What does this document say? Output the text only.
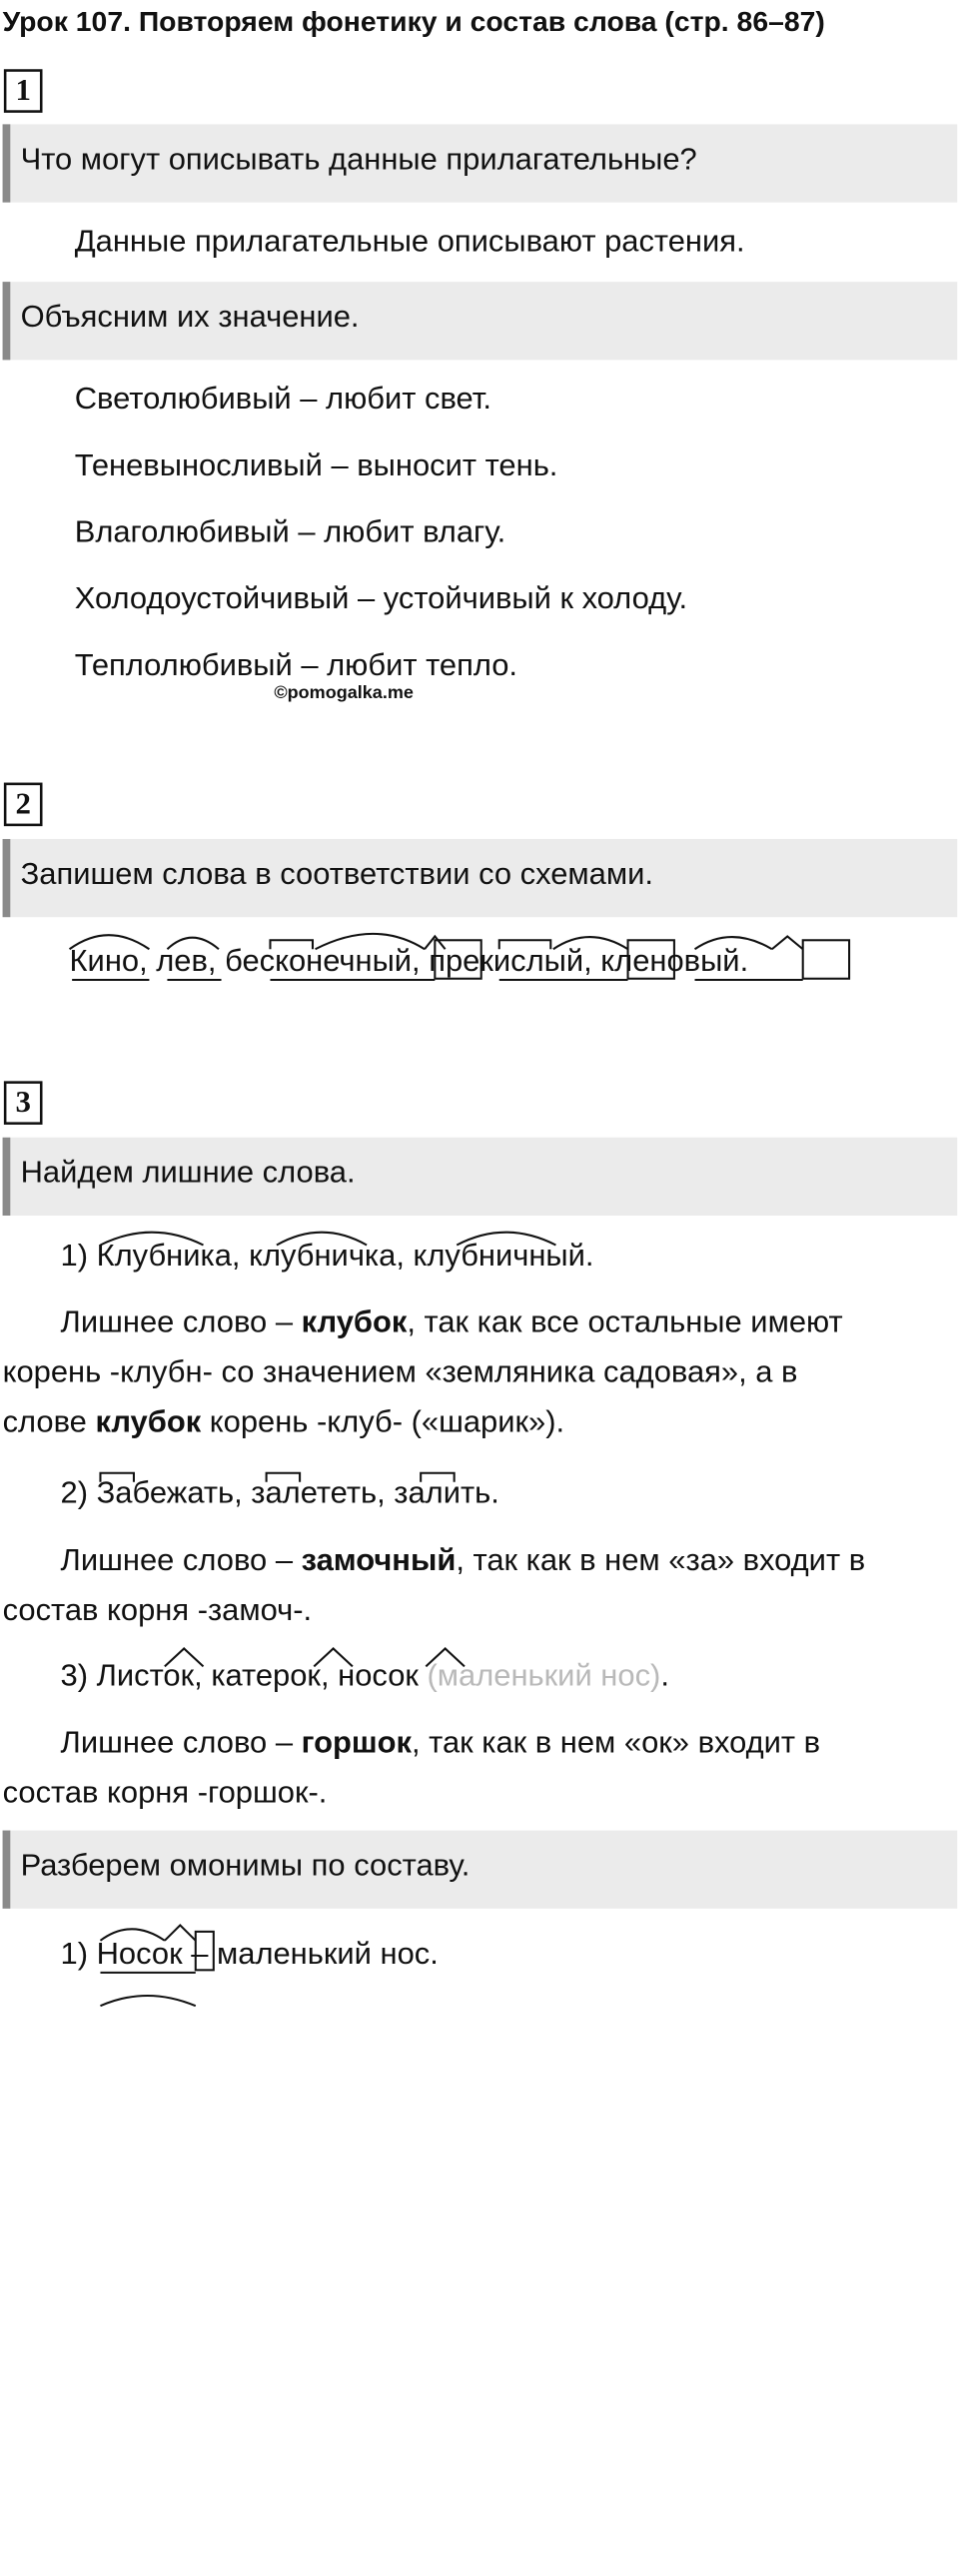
Урок 107. Повторяем фонетику и состав слова (стр. 86–87)
1
Что могут описывать данные прилагательные?
Данные прилагательные описывают растения.
Объясним их значение.
Светолюбивый – любит свет.
Теневыносливый – выносит тень.
Влаголюбивый – любит влагу.
Холодоустойчивый – устойчивый к холоду.
Теплолюбивый – любит тепло.
©pomogalka.me
2
Запишем слова в соответствии со схемами.
Кино, лев, бесконечный, прекислый, кленовый.
3
Найдем лишние слова.
1) Клубника, клубничка, клубничный.
Лишнее слово – клубок, так как все остальные имеют
корень -клубн- со значением «земляника садовая», а в
слове клубок корень -клуб- («шарик»).
2) Забежать, залететь, залить.
Лишнее слово – замочный, так как в нем «за» входит в
состав корня -замоч-.
3) Листок, катерок, носок (маленький нос).
Лишнее слово – горшок, так как в нем «ок» входит в
состав корня -горшок-.
Разберем омонимы по составу.
1) Носок – маленький нос.
